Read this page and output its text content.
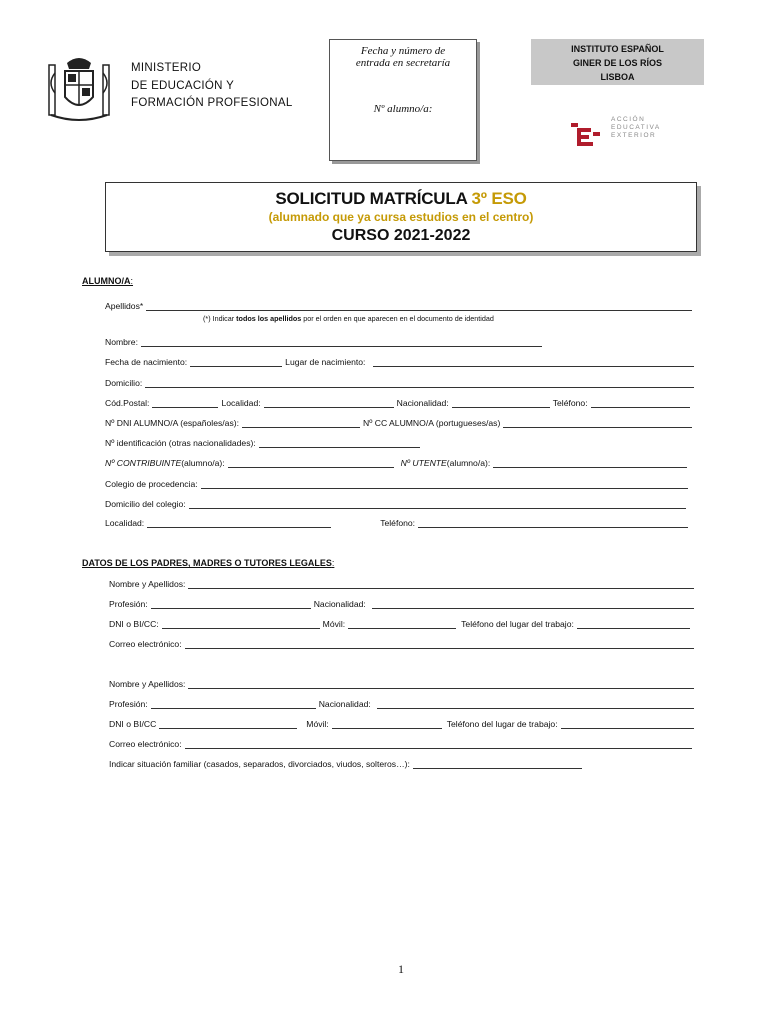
MINISTERIO
DE EDUCACIÓN Y
FORMACIÓN PROFESIONAL
Fecha y número de
entrada en secretaría
Nº alumno/a:
INSTITUTO ESPAÑOL
GINER DE LOS RÍOS
LISBOA
ACCIÓN
EDUCATIVA
EXTERIOR
SOLICITUD MATRÍCULA 3º ESO
(alumnado que ya cursa estudios en el centro)
CURSO 2021-2022
ALUMNO/A:
Apellidos*
(*) Indicar todos los apellidos por el orden en que aparecen en el documento de identidad
Nombre:
Fecha de nacimiento:	Lugar de nacimiento:
Domicilio:
Cód.Postal:	Localidad:	Nacionalidad:	Teléfono:
Nº DNI ALUMNO/A (españoles/as):	Nº CC ALUMNO/A (portugueses/as)
Nº identificación (otras nacionalidades):
Nº CONTRIBUINTE (alumno/a):	Nº UTENTE (alumno/a):
Colegio de procedencia:
Domicilio del colegio:
Localidad:	Teléfono:
DATOS DE LOS PADRES, MADRES O TUTORES LEGALES:
Nombre y Apellidos:
Profesión:	Nacionalidad:
DNI o BI/CC:	Móvil:	Teléfono del lugar del trabajo:
Correo electrónico:
Nombre y Apellidos:
Profesión:	Nacionalidad:
DNI o BI/CC	Móvil:	Teléfono del lugar de trabajo:
Correo electrónico:
Indicar situación familiar (casados, separados, divorciados, viudos, solteros…):
1
